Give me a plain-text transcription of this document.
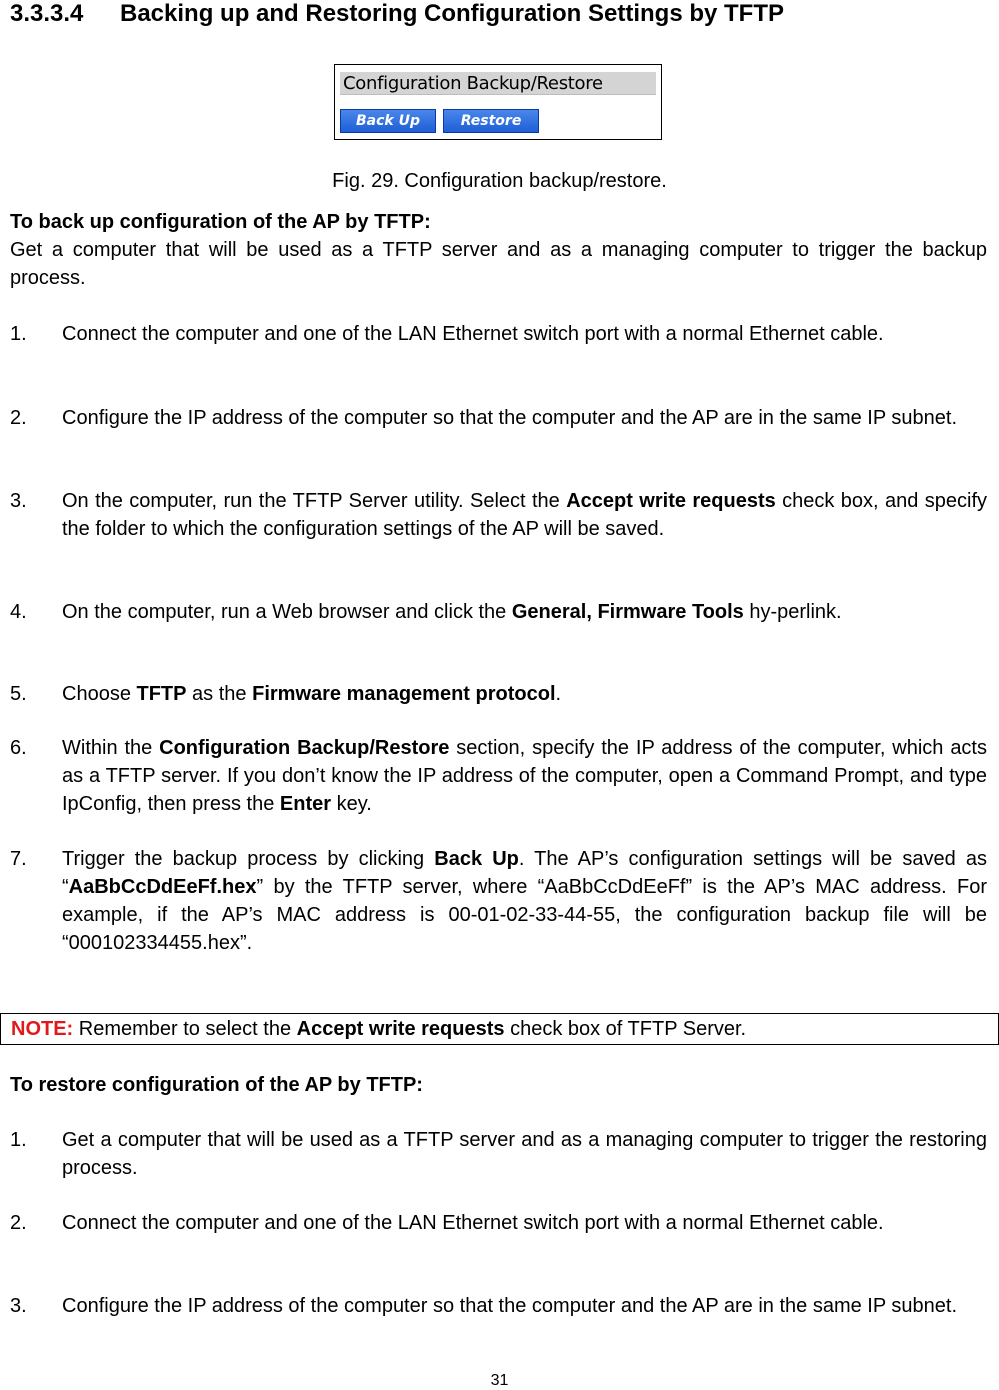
3.3.3.4 Backing up and Restoring Configuration Settings by TFTP
Configuration Backup/Restore
Back Up	Restore
Fig. 29. Configuration backup/restore.
To back up configuration of the AP by TFTP:
Get a computer that will be used as a TFTP server and as a managing computer to trigger the backup process.
1. Connect the computer and one of the LAN Ethernet switch port with a normal Ethernet cable.
2. Configure the IP address of the computer so that the computer and the AP are in the same IP subnet.
3. On the computer, run the TFTP Server utility. Select the Accept write requests check box, and specify the folder to which the configuration settings of the AP will be saved.
4. On the computer, run a Web browser and click the General, Firmware Tools hy-perlink.
5. Choose TFTP as the Firmware management protocol.
6. Within the Configuration Backup/Restore section, specify the IP address of the computer, which acts as a TFTP server. If you don’t know the IP address of the computer, open a Command Prompt, and type IpConfig, then press the Enter key.
7. Trigger the backup process by clicking Back Up. The AP’s configuration settings will be saved as “AaBbCcDdEeFf.hex” by the TFTP server, where “AaBbCcDdEeFf” is the AP’s MAC address. For example, if the AP’s MAC address is 00-01-02-33-44-55, the configuration backup file will be “000102334455.hex”.
NOTE: Remember to select the Accept write requests check box of TFTP Server.
To restore configuration of the AP by TFTP:
1. Get a computer that will be used as a TFTP server and as a managing computer to trigger the restoring process.
2. Connect the computer and one of the LAN Ethernet switch port with a normal Ethernet cable.
3. Configure the IP address of the computer so that the computer and the AP are in the same IP subnet.
31
